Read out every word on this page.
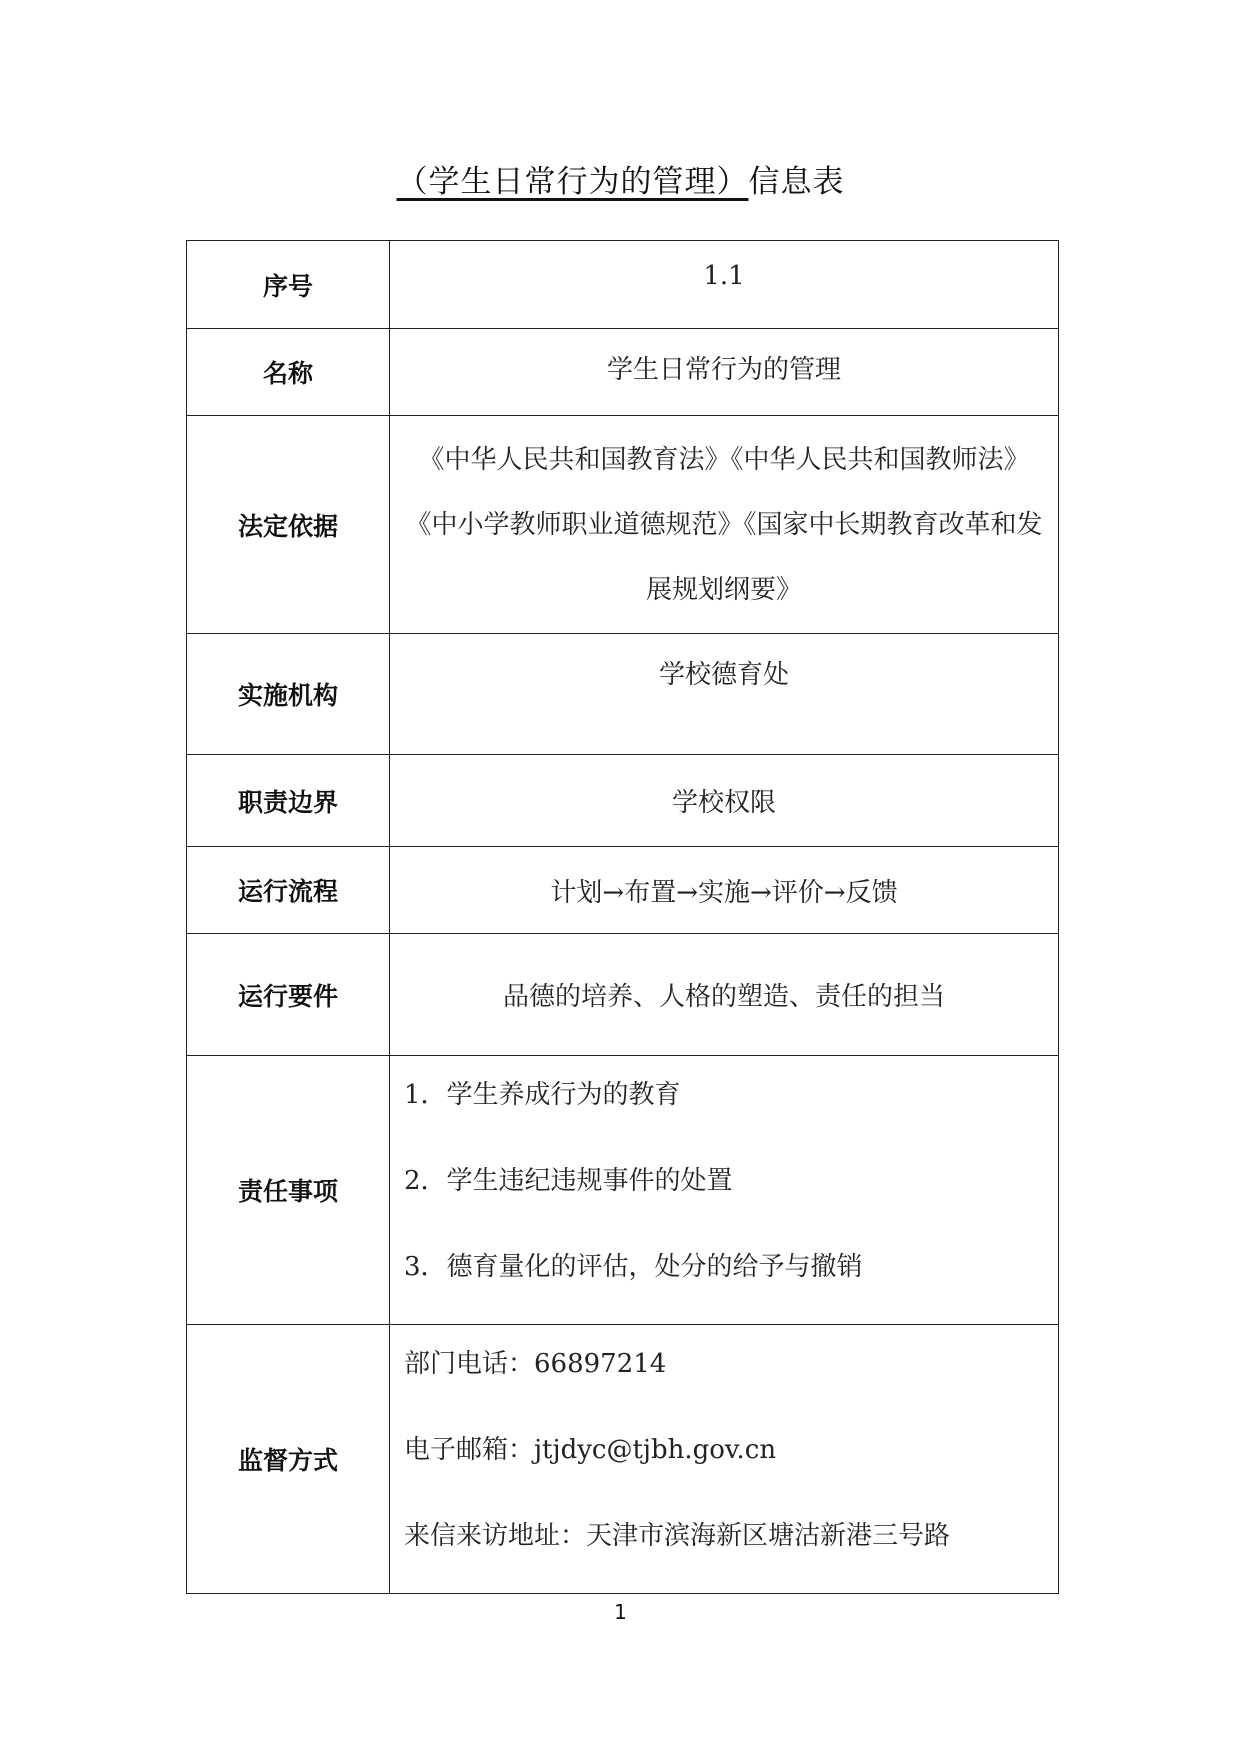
（学生日常行为的管理）信息表
序号	1.1
名称	学生日常行为的管理
法定依据	《中华人民共和国教育法》《中华人民共和国教师法》《中小学教师职业道德规范》《国家中长期教育改革和发展规划纲要》
实施机构	学校德育处
职责边界	学校权限
运行流程	计划→布置→实施→评价→反馈
运行要件	品德的培养、人格的塑造、责任的担当
责任事项	1．学生养成行为的教育
2．学生违纪违规事件的处置
3．德育量化的评估，处分的给予与撤销

监督方式	部门电话：66897214
电子邮箱：jtjdyc@tjbh.gov.cn
来信来访地址：天津市滨海新区塘沽新港三号路
1
